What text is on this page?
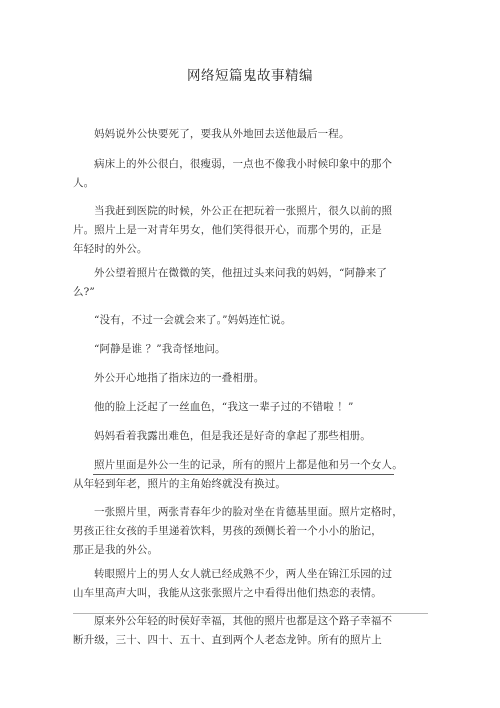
网络短篇鬼故事精编
妈妈说外公快要死了，要我从外地回去送他最后一程。
病床上的外公很白，很瘦弱，一点也不像我小时候印象中的那个
人。
当我赶到医院的时候，外公正在把玩着一张照片，很久以前的照
片。照片上是一对青年男女，他们笑得很开心，而那个男的，正是
年轻时的外公。
外公望着照片在微微的笑，他扭过头来问我的妈妈，“阿静来了
么?”
“没有，不过一会就会来了。”妈妈连忙说。
“阿静是谁 ？”我奇怪地问。
外公开心地指了指床边的一叠相册。
他的脸上泛起了一丝血色，“我这一辈子过的不错啦 ！”
妈妈看着我露出难色，但是我还是好奇的拿起了那些相册。
照片里面是外公一生的记录，所有的照片上都是他和另一个女人。
从年轻到年老，照片的主角始终就没有换过。
一张照片里，两张青春年少的脸对坐在肯德基里面。照片定格时，
男孩正往女孩的手里递着饮料，男孩的颈侧长着一个小小的胎记，
那正是我的外公。
转眼照片上的男人女人就已经成熟不少，两人坐在锦江乐园的过
山车里高声大叫，我能从这张张照片之中看得出他们热恋的表情。
原来外公年轻的时侯好幸福，其他的照片也都是这个路子幸福不
断升级，三十、四十、五十、直到两个人老态龙钟。所有的照片上
